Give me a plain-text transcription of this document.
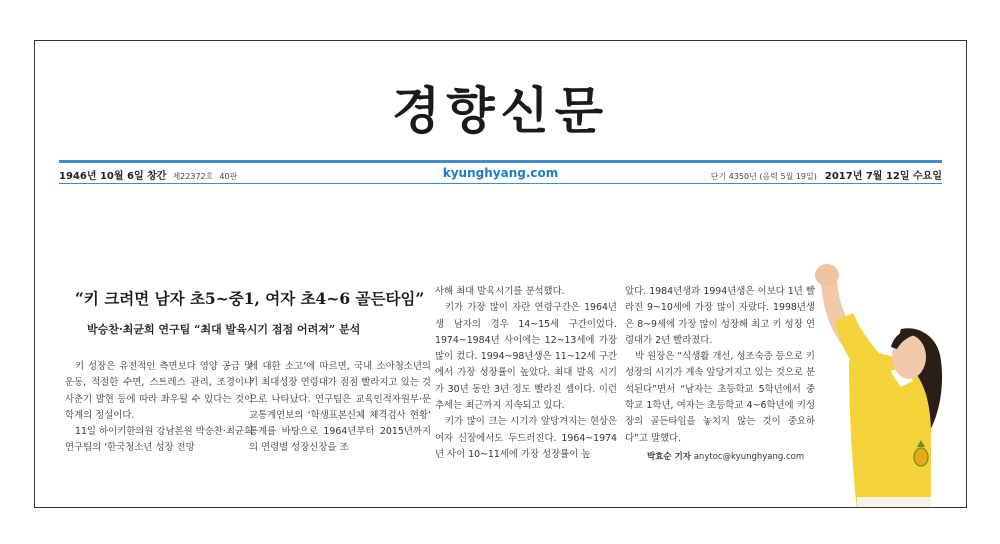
경향신문
1946년 10월 6일 창간 제22372호 40판	kyunghyang.com	단기 4350년 (음력 5월 19일) 2017년 7월 12일 수요일
“키 크려면 남자 초5~중1, 여자 초4~6 골든타임”
박승찬·최균희 연구팀 “최대 발육시기 점점 어려져” 분석

키 성장은 유전적인 측면보다 영양 공급 및 운동, 적절한 수면, 스트레스 관리, 조경이나 사춘기 발현 등에 따라 좌우될 수 있다는 것이 학계의 정설이다.

11일 하이키한의원 강남본원 박승찬·최균희 연구팀의 ‘한국청소년 성장 전망

에 대한 소고’에 따르면, 국내 소아청소년의 키 최대성장 연령대가 점점 빨라지고 있는 것으로 나타났다. 연구팀은 교육인적자원부·문교통계연보의 ‘학생표본신체 체격검사 현황’ 통계를 바탕으로 1964년부터 2015년까지의 연령별 성장신장을 조

사해 최대 발육시기를 분석했다.

키가 가장 많이 자란 연령구간은 1964년생 남자의 경우 14~15세 구간이었다. 1974~1984년 사이에는 12~13세에 가장 많이 컸다. 1994~98년생은 11~12세 구간에서 가장 성장률이 높았다. 최대 발육 시기가 30년 동안 3년 정도 빨라진 셈이다. 이런 추세는 최근까지 지속되고 있다.

키가 많이 크는 시기가 앞당겨지는 현상은 여자 신장에서도 두드러진다. 1964~1974년 사이 10~11세에 가장 성장률이 높

았다. 1984년생과 1994년생은 이보다 1년 빨라진 9~10세에 가장 많이 자랐다. 1998년생은 8~9세에 가장 많이 성장해 최고 키 성장 연령대가 2년 빨라졌다.

박 원장은 “식생활 개선, 성조숙증 등으로 키성장의 시기가 계속 앞당겨지고 있는 것으로 분석된다”면서 “남자는 초등학교 5학년에서 중학교 1학년, 여자는 초등학교 4~6학년에 키성장의 골든타임을 놓치지 않는 것이 중요하다”고 말했다.

박효순 기자 anytoc@kyunghyang.com
